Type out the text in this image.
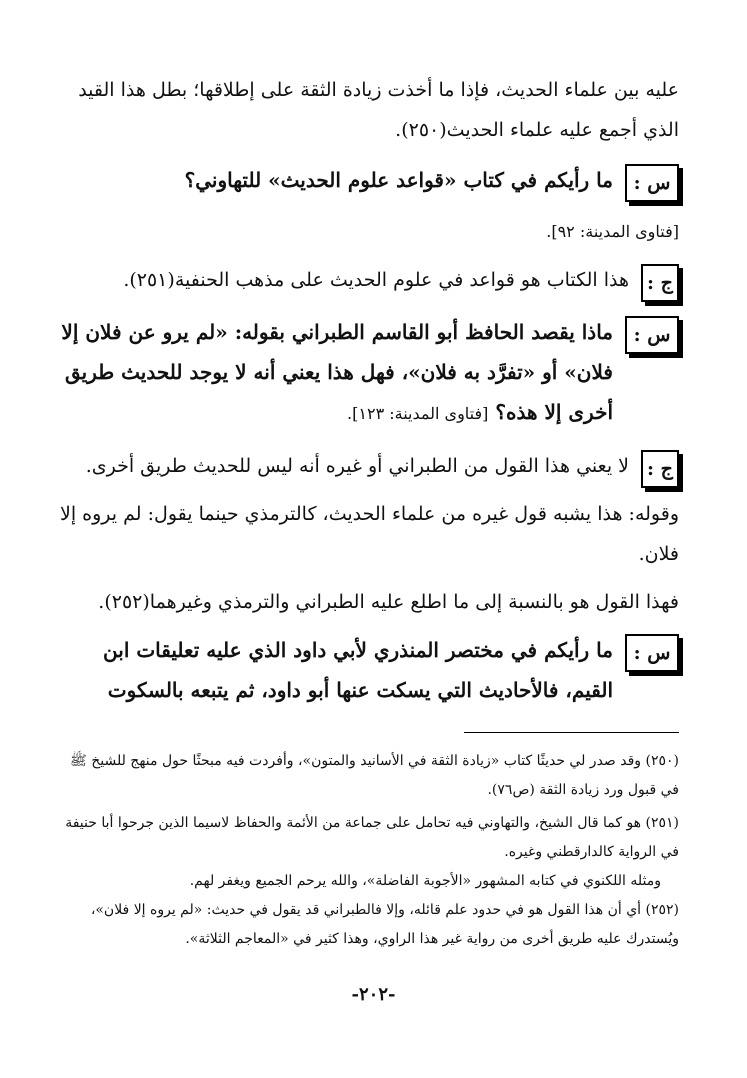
عليه بين علماء الحديث، فإذا ما أخذت زيادة الثقة على إطلاقها؛ بطل هذا القيد
الذي أجمع عليه علماء الحديث(٢٥٠).

س :
ما رأيكم في كتاب «قواعد علوم الحديث» للتهاوني؟

[فتاوى المدينة: ٩٢].

ج :
هذا الكتاب هو قواعد في علوم الحديث على مذهب الحنفية(٢٥١).
س :
ماذا يقصد الحافظ أبو القاسم الطبراني بقوله: «لم يرو عن فلان إلا فلان» أو «تفرَّد به فلان»، فهل هذا يعني أنه لا يوجد للحديث طريق أخرى إلا هذه؟ [فتاوى المدينة: ١٢٣].
ج :
لا يعني هذا القول من الطبراني أو غيره أنه ليس للحديث طريق أخرى.

وقوله: هذا يشبه قول غيره من علماء الحديث، كالترمذي حينما يقول: لم يروه إلا فلان.

فهذا القول هو بالنسبة إلى ما اطلع عليه الطبراني والترمذي وغيرهما(٢٥٢).

س :
ما رأيكم في مختصر المنذري لأبي داود الذي عليه تعليقات ابن القيم، فالأحاديث التي يسكت عنها أبو داود، ثم يتبعه بالسكوت

(٢٥٠) وقد صدر لي حديثًا كتاب «زيادة الثقة في الأسانيد والمتون»، وأفردت فيه مبحثًا حول منهج للشيخ ﷺ في قبول ورد زيادة الثقة (ص٧٦).

(٢٥١) هو كما قال الشيخ، والتهاوني فيه تحامل على جماعة من الأئمة والحفاظ لاسيما الذين جرحوا أبا حنيفة في الرواية كالدارقطني وغيره.

ومثله اللكنوي في كتابه المشهور «الأجوبة الفاضلة»، والله يرحم الجميع ويغفر لهم.

(٢٥٢) أي أن هذا القول هو في حدود علم قائله، وإلا فالطبراني قد يقول في حديث: «لم يروه إلا فلان»، ويُستدرك عليه طريق أخرى من رواية غير هذا الراوي، وهذا كثير في «المعاجم الثلاثة».

-٢٠٢-
